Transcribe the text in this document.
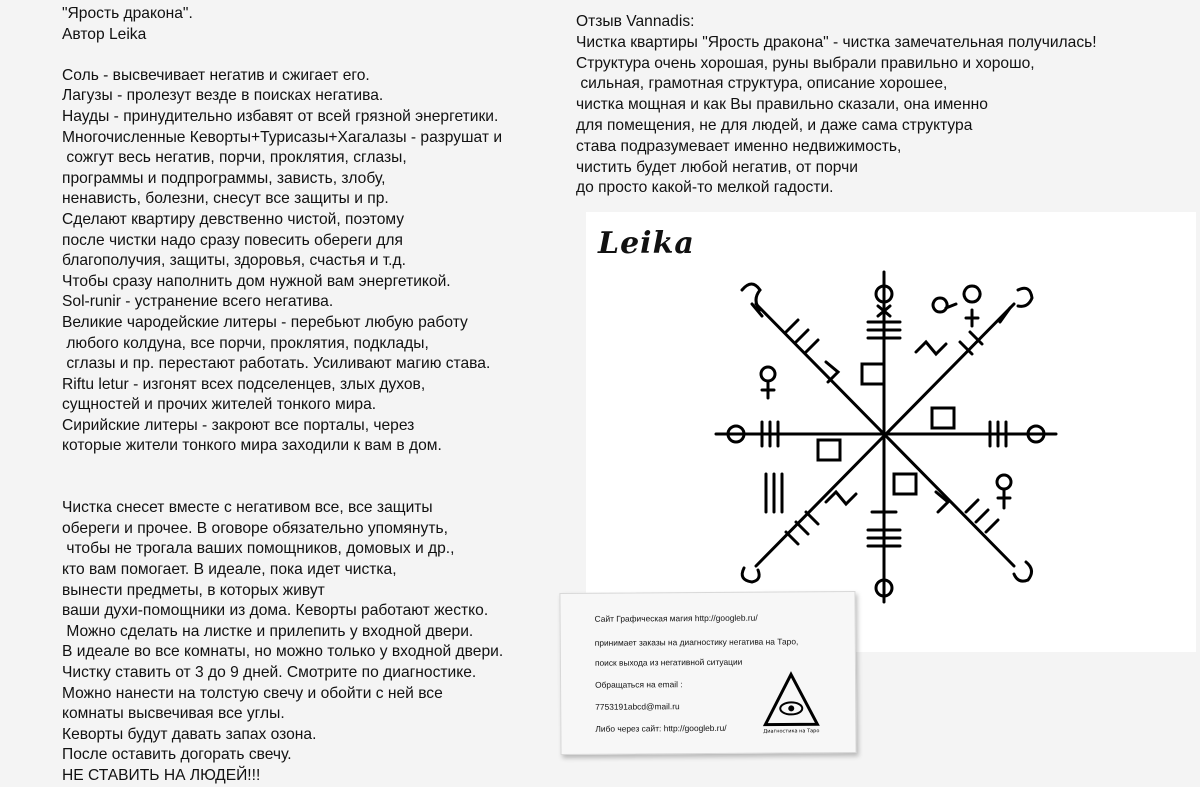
"Ярость дракона".
Автор Leika
Соль - высвечивает негатив и сжигает его.
Лагузы - пролезут везде в поисках негатива.
Науды - принудительно избавят от всей грязной энергетики.
Многочисленные Кеворты+Турисазы+Хагалазы - разрушат и
сожгут весь негатив, порчи, проклятия, сглазы,
программы и подпрограммы, зависть, злобу,
ненависть, болезни, снесут все защиты и пр.
Сделают квартиру девственно чистой, поэтому
после чистки надо сразу повесить обереги для
благополучия, защиты, здоровья, счастья и т.д.
Чтобы сразу наполнить дом нужной вам энергетикой.
Sol-runir - устранение всего негатива.
Великие чародейские литеры - перебьют любую работу
любого колдуна, все порчи, проклятия, подклады,
сглазы и пр. перестают работать. Усиливают магию става.
Riftu letur - изгонят всех подселенцев, злых духов,
сущностей и прочих жителей тонкого мира.
Сирийские литеры - закроют все порталы, через
которые жители тонкого мира заходили к вам в дом.
Чистка снесет вместе с негативом все, все защиты
обереги и прочее. В оговоре обязательно упомянуть,
чтобы не трогала ваших помощников, домовых и др.,
кто вам помогает. В идеале, пока идет чистка,
вынести предметы, в которых живут
ваши духи-помощники из дома. Кеворты работают жестко.
Можно сделать на листке и прилепить у входной двери.
В идеале во все комнаты, но можно только у входной двери.
Чистку ставить от 3 до 9 дней. Смотрите по диагностике.
Можно нанести на толстую свечу и обойти с ней все
комнаты высвечивая все углы.
Кеворты будут давать запах озона.
После оставить догорать свечу.
НЕ СТАВИТЬ НА ЛЮДЕЙ!!!
Отзыв Vannadis:
Чистка квартиры "Ярость дракона" - чистка замечательная получилась!
Структура очень хорошая, руны выбрали правильно и хорошо,
сильная, грамотная структура, описание хорошее,
чистка мощная и как Вы правильно сказали, она именно
для помещения, не для людей, и даже сама структура
става подразумевает именно недвижимость,
чистить будет любой негатив, от порчи
до просто какой-то мелкой гадости.
Leika
Сайт Графическая магия http://googleb.ru/
принимает заказы на диагностику негатива на Таро,
поиск выхода из негативной ситуации
Обращаться на email :
7753191abcd@mail.ru
Либо через сайт: http://googleb.ru/	Диагностика на Таро
